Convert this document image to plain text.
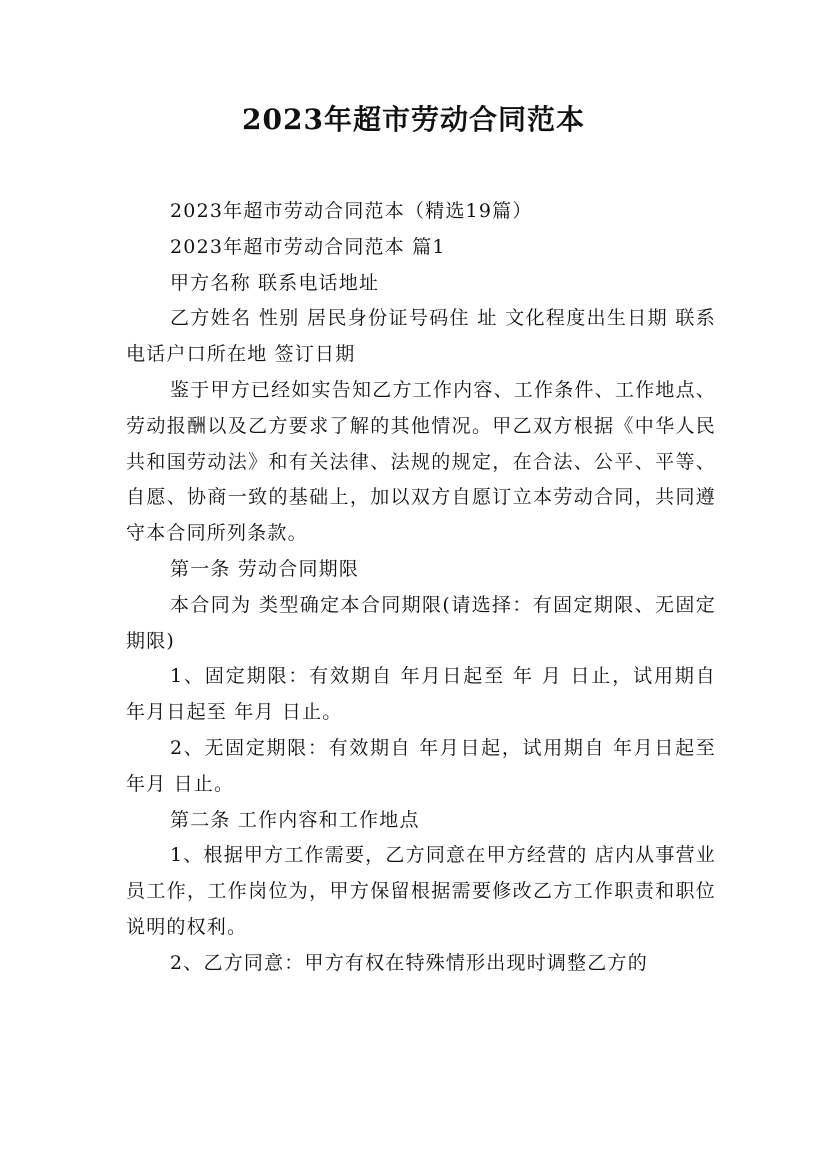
2023年超市劳动合同范本

2023年超市劳动合同范本（精选19篇）

2023年超市劳动合同范本 篇1

甲方名称 联系电话地址

乙方姓名 性别 居民身份证号码住 址 文化程度出生日期 联系电话户口所在地 签订日期

鉴于甲方已经如实告知乙方工作内容、工作条件、工作地点、劳动报酬以及乙方要求了解的其他情况。甲乙双方根据《中华人民共和国劳动法》和有关法律、法规的规定，在合法、公平、平等、自愿、协商一致的基础上，加以双方自愿订立本劳动合同，共同遵守本合同所列条款。

第一条 劳动合同期限

本合同为 类型确定本合同期限(请选择：有固定期限、无固定期限)

1、固定期限：有效期自 年月日起至 年 月 日止，试用期自 年月日起至 年月 日止。

2、无固定期限：有效期自 年月日起，试用期自 年月日起至 年月 日止。

第二条 工作内容和工作地点

1、根据甲方工作需要，乙方同意在甲方经营的 店内从事营业员工作，工作岗位为，甲方保留根据需要修改乙方工作职责和职位说明的权利。

2、乙方同意：甲方有权在特殊情形出现时调整乙方的
